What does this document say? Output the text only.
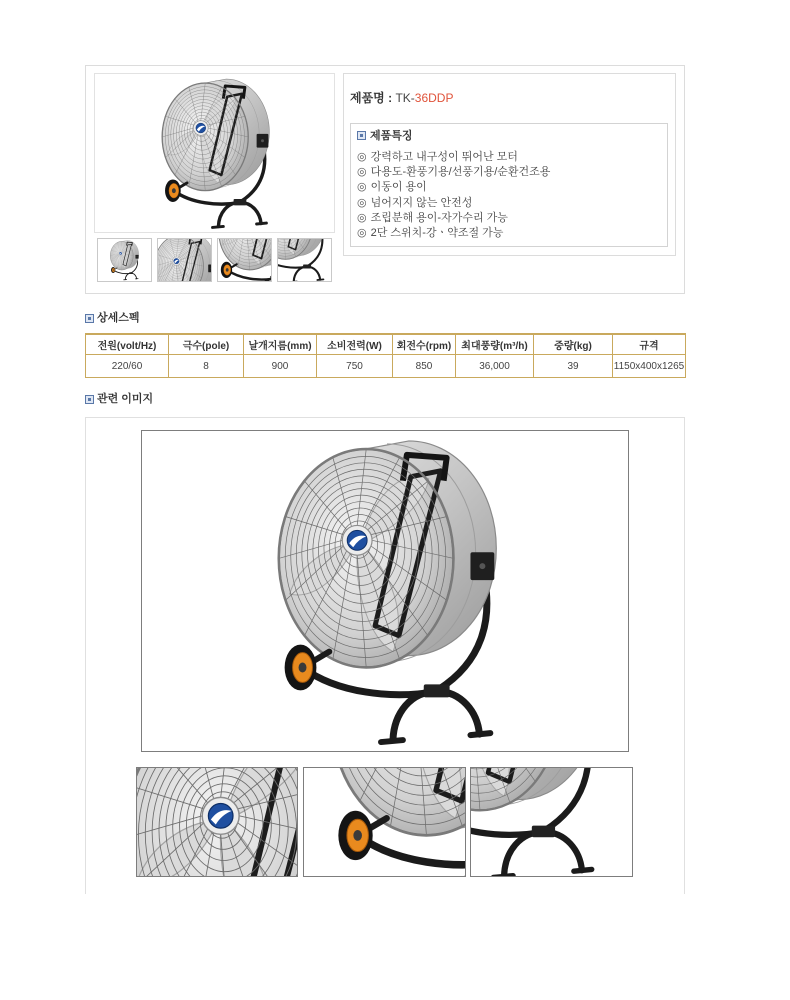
제품명 : TK-36DDP
제품특징
◎ 강력하고 내구성이 뛰어난 모터
◎ 다용도-환풍기용/선풍기용/순환건조용
◎ 이동이 용이
◎ 넘어지지 않는 안전성
◎ 조립분해 용이-자가수리 가능
◎ 2단 스위치-강ㆍ약조절 가능
상세스펙
전원(volt/Hz)	극수(pole)	날개지름(mm)	소비전력(W)	회전수(rpm)	최대풍량(m³/h)	중량(kg)	규격
220/60	8	900	750	850	36,000	39	1150x400x1265
관련 이미지
